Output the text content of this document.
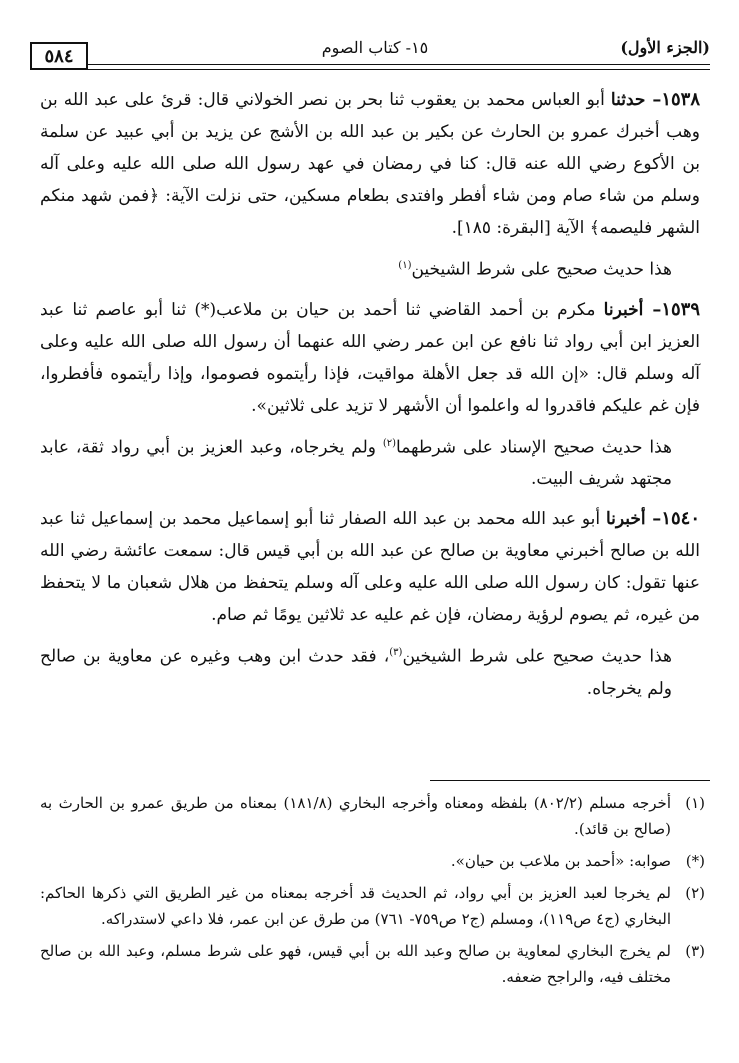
٥٨٤	١٥- كتاب الصوم	(الجزء الأول)

١٥٣٨– حدثنا أبو العباس محمد بن يعقوب ثنا بحر بن نصر الخولاني قال: قرئ على عبد الله بن وهب أخبرك عمرو بن الحارث عن بكير بن عبد الله بن الأشج عن يزيد بن أبي عبيد عن سلمة بن الأكوع رضي الله عنه قال: كنا في رمضان في عهد رسول الله صلى الله عليه وعلى آله وسلم من شاء صام ومن شاء أفطر وافتدى بطعام مسكين، حتى نزلت الآية: ﴿فمن شهد منكم الشهر فليصمه﴾ الآية [البقرة: ١٨٥].

هذا حديث صحيح على شرط الشيخين$^{(١)}$

١٥٣٩– أخبرنا مكرم بن أحمد القاضي ثنا أحمد بن حيان بن ملاعب(*) ثنا أبو عاصم ثنا عبد العزيز ابن أبي رواد ثنا نافع عن ابن عمر رضي الله عنهما أن رسول الله صلى الله عليه وعلى آله وسلم قال: «إن الله قد جعل الأهلة مواقيت، فإذا رأيتموه فصوموا، وإذا رأيتموه فأفطروا، فإن غم عليكم فاقدروا له واعلموا أن الأشهر لا تزيد على ثلاثين».

هذا حديث صحيح الإسناد على شرطهما$^{(٢)}$ ولم يخرجاه، وعبد العزيز بن أبي رواد ثقة، عابد مجتهد شريف البيت.

١٥٤٠– أخبرنا أبو عبد الله محمد بن عبد الله الصفار ثنا أبو إسماعيل محمد بن إسماعيل ثنا عبد الله بن صالح أخبرني معاوية بن صالح عن عبد الله بن أبي قيس قال: سمعت عائشة رضي الله عنها تقول: كان رسول الله صلى الله عليه وعلى آله وسلم يتحفظ من هلال شعبان ما لا يتحفظ من غيره، ثم يصوم لرؤية رمضان، فإن غم عليه عد ثلاثين يومًا ثم صام.

هذا حديث صحيح على شرط الشيخين$^{(٣)}$، فقد حدث ابن وهب وغيره عن معاوية بن صالح ولم يخرجاه.

(١)
أخرجه مسلم (٨٠٢/٢) بلفظه ومعناه وأخرجه البخاري (١٨١/٨) بمعناه من طريق عمرو بن الحارث به (صالح بن قائد).
(*)
صوابه: «أحمد بن ملاعب بن حيان».
(٢)
لم يخرجا لعبد العزيز بن أبي رواد، ثم الحديث قد أخرجه بمعناه من غير الطريق التي ذكرها الحاكم: البخاري (ج٤ ص١١٩)، ومسلم (ج٢ ص٧٥٩- ٧٦١) من طرق عن ابن عمر، فلا داعي لاستدراكه.
(٣)
لم يخرج البخاري لمعاوية بن صالح وعبد الله بن أبي قيس، فهو على شرط مسلم، وعبد الله بن صالح مختلف فيه، والراجح ضعفه.
